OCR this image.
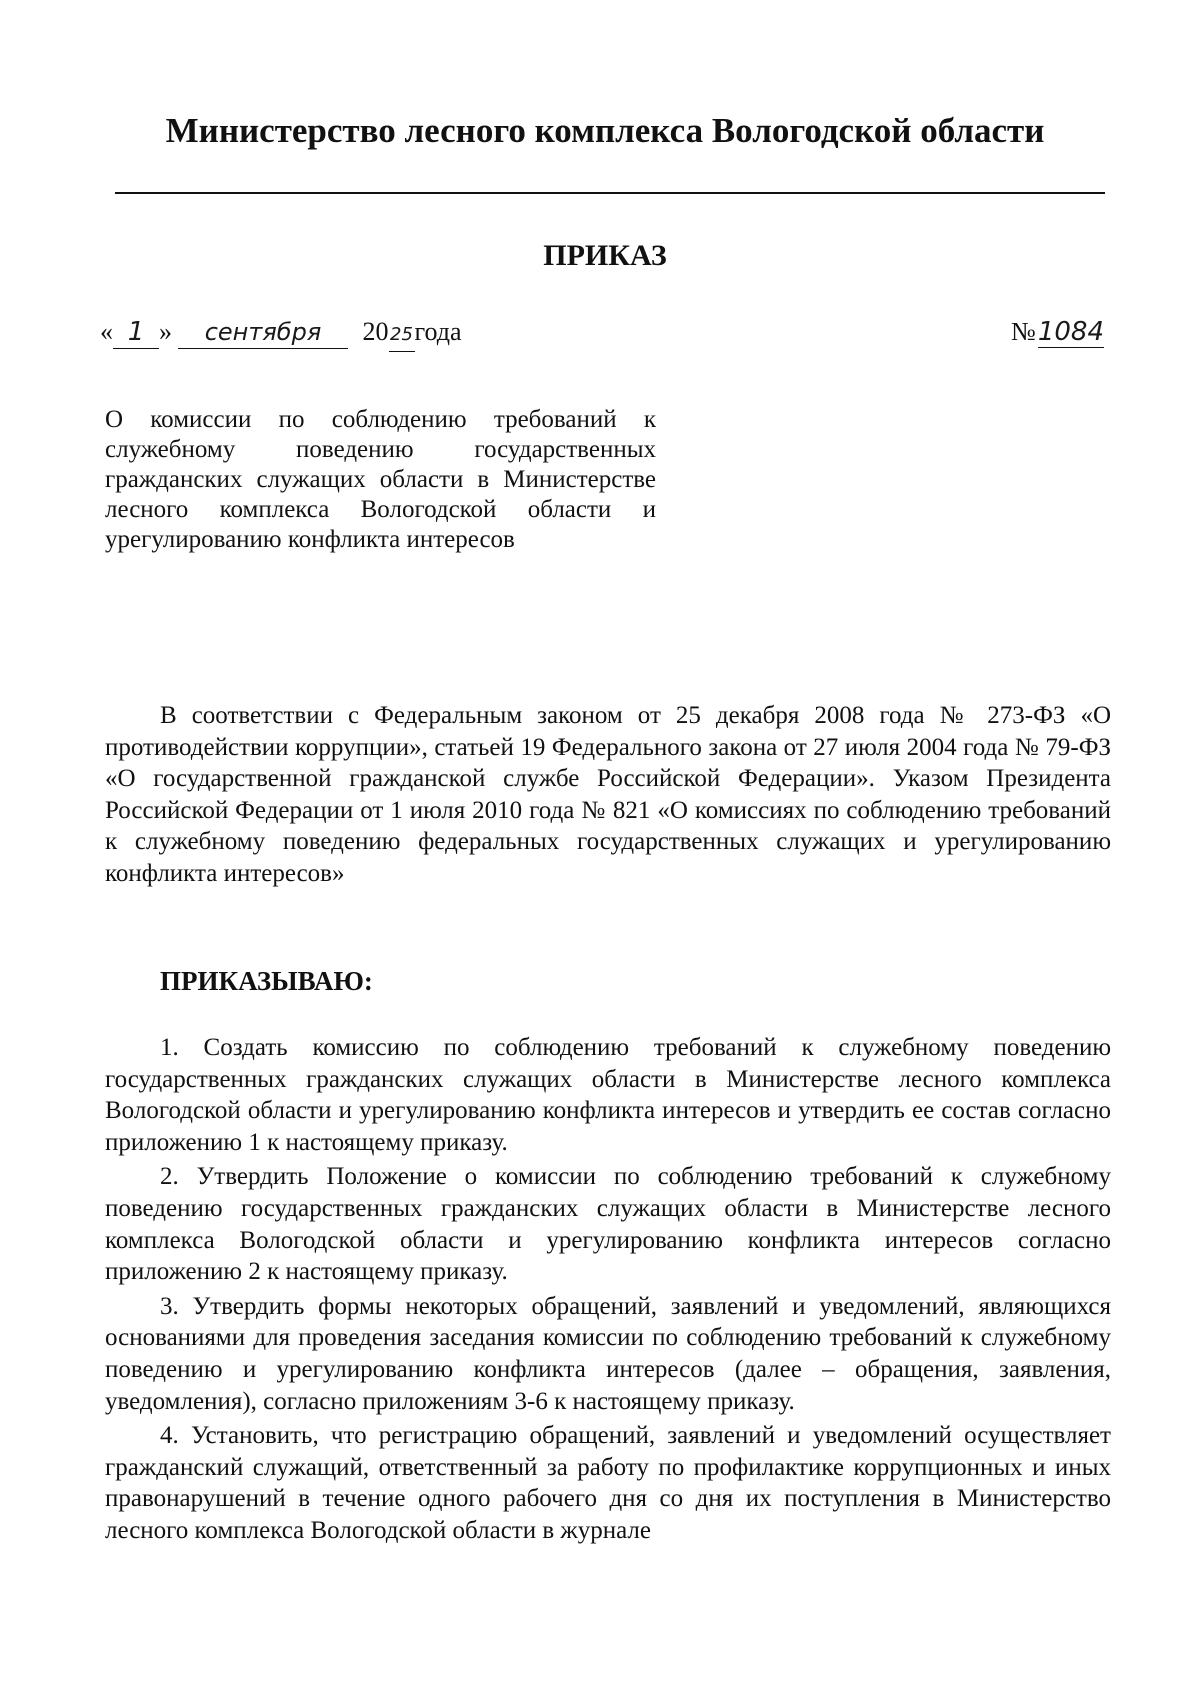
Министерство лесного комплекса Вологодской области
ПРИКАЗ
« 1 » сентября 2025года	№1084
О комиссии по соблюдению требований к служебному поведению государственных гражданских служащих области в Министерстве лесного комплекса Вологодской области и урегулированию конфликта интересов

В соответствии с Федеральным законом от 25 декабря 2008 года № 273-ФЗ «О противодействии коррупции», статьей 19 Федерального закона от 27 июля 2004 года № 79-ФЗ «О государственной гражданской службе Российской Федерации». Указом Президента Российской Федерации от 1 июля 2010 года № 821 «О комиссиях по соблюдению требований к служебному поведению федеральных государственных служащих и урегулированию конфликта интересов»

ПРИКАЗЫВАЮ:

1. Создать комиссию по соблюдению требований к служебному поведению государственных гражданских служащих области в Министерстве лесного комплекса Вологодской области и урегулированию конфликта интересов и утвердить ее состав согласно приложению 1 к настоящему приказу.

2. Утвердить Положение о комиссии по соблюдению требований к служебному поведению государственных гражданских служащих области в Министерстве лесного комплекса Вологодской области и урегулированию конфликта интересов согласно приложению 2 к настоящему приказу.

3. Утвердить формы некоторых обращений, заявлений и уведомлений, являющихся основаниями для проведения заседания комиссии по соблюдению требований к служебному поведению и урегулированию конфликта интересов (далее – обращения, заявления, уведомления), согласно приложениям 3-6 к настоящему приказу.

4. Установить, что регистрацию обращений, заявлений и уведомлений осуществляет гражданский служащий, ответственный за работу по профилактике коррупционных и иных правонарушений в течение одного рабочего дня со дня их поступления в Министерство лесного комплекса Вологодской области в журнале
